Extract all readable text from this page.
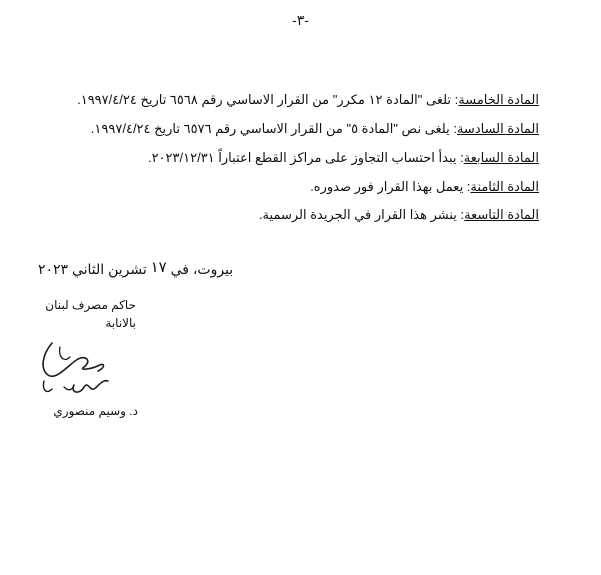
-٣-
المادة الخامسة: تلغى "المادة ١٢ مكرر" من القرار الاساسي رقم ٦٥٦٨ تاريخ ١٩٩٧/٤/٢٤.
المادة السادسة: يلغى نص "المادة ٥" من القرار الاساسي رقم ٦٥٧٦ تاريخ ١٩٩٧/٤/٢٤.
المادة السابعة: يبدأ احتساب التجاوز على مراكز القطع اعتباراً ٢٠٢٣/١٢/٣١.
المادة الثامنة: يعمل بهذا القرار فور صدوره.
المادة التاسعة: ينشر هذا القرار في الجريدة الرسمية.
بيروت، في ١٧ تشرين الثاني ٢٠٢٣
حاكم مصرف لبنان
بالانابة
د. وسيم منصوري
